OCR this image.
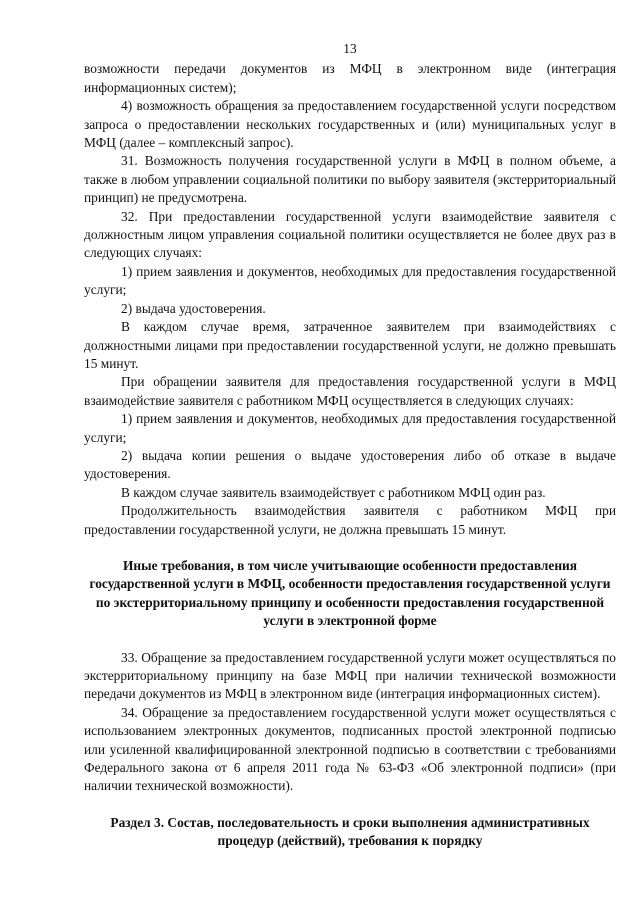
13

возможности передачи документов из МФЦ в электронном виде (интеграция информационных систем);

4) возможность обращения за предоставлением государственной услуги посредством запроса о предоставлении нескольких государственных и (или) муниципальных услуг в МФЦ (далее – комплексный запрос).

31. Возможность получения государственной услуги в МФЦ в полном объеме, а также в любом управлении социальной политики по выбору заявителя (экстерриториальный принцип) не предусмотрена.

32. При предоставлении государственной услуги взаимодействие заявителя с должностным лицом управления социальной политики осуществляется не более двух раз в следующих случаях:

1) прием заявления и документов, необходимых для предоставления государственной услуги;

2) выдача удостоверения.

В каждом случае время, затраченное заявителем при взаимодействиях с должностными лицами при предоставлении государственной услуги, не должно превышать 15 минут.

При обращении заявителя для предоставления государственной услуги в МФЦ взаимодействие заявителя с работником МФЦ осуществляется в следующих случаях:

1) прием заявления и документов, необходимых для предоставления государственной услуги;

2) выдача копии решения о выдаче удостоверения либо об отказе в выдаче удостоверения.

В каждом случае заявитель взаимодействует с работником МФЦ один раз.

Продолжительность взаимодействия заявителя с работником МФЦ при предоставлении государственной услуги, не должна превышать 15 минут.

Иные требования, в том числе учитывающие особенности предоставления государственной услуги в МФЦ, особенности предоставления государственной услуги по экстерриториальному принципу и особенности предоставления государственной услуги в электронной форме

33. Обращение за предоставлением государственной услуги может осуществляться по экстерриториальному принципу на базе МФЦ при наличии технической возможности передачи документов из МФЦ в электронном виде (интеграция информационных систем).

34. Обращение за предоставлением государственной услуги может осуществляться с использованием электронных документов, подписанных простой электронной подписью или усиленной квалифицированной электронной подписью в соответствии с требованиями Федерального закона от 6 апреля 2011 года № 63-ФЗ «Об электронной подписи» (при наличии технической возможности).

Раздел 3. Состав, последовательность и сроки выполнения административных процедур (действий), требования к порядку
